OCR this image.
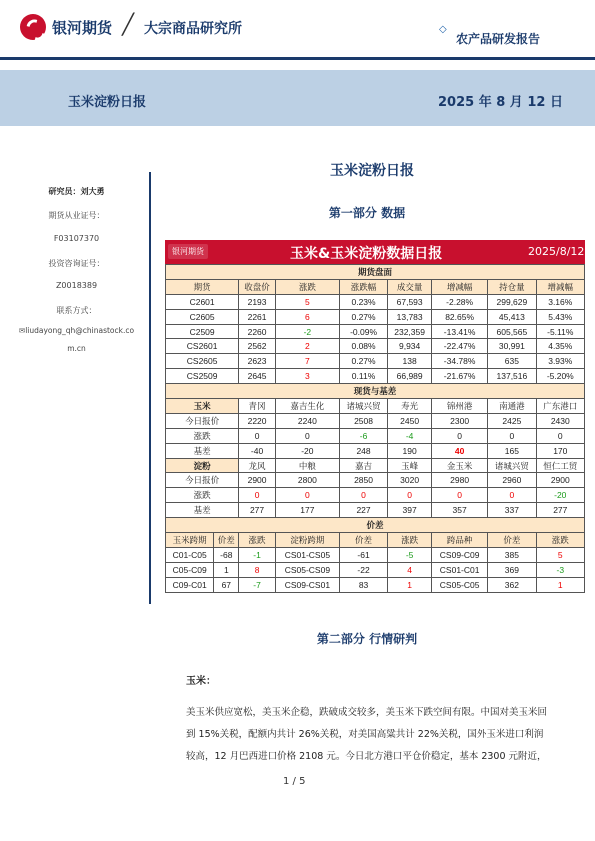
银河期货 ╱ 大宗商品研究所	◇
农产品研发报告
玉米淀粉日报	2025 年 8 月 12 日
研究员：刘大勇
期货从业证号：
F03107370
投资咨询证号：
Z0018389
联系方式：
✉liudayong_qh@chinastock.co
m.cn
玉米淀粉日报
第一部分 数据
银河期货	玉米&玉米淀粉数据日报	2025/8/12
期货盘面								
期货		收盘价	涨跌	涨跌幅	成交量	增减幅	持仓量	增减幅
C2601		2193	5	0.23%	67,593	-2.28%	299,629	3.16%
C2605		2261	6	0.27%	13,783	82.65%	45,413	5.43%
C2509		2260	-2	-0.09%	232,359	-13.41%	605,565	-5.11%
CS2601		2562	2	0.08%	9,934	-22.47%	30,991	4.35%
CS2605		2623	7	0.27%	138	-34.78%	635	3.93%
CS2509		2645	3	0.11%	66,989	-21.67%	137,516	-5.20%
现货与基差								
玉米		青冈	嘉吉生化	诸城兴贸	寿光	锦州港	南通港	广东港口
今日报价		2220	2240	2508	2450	2300	2425	2430
涨跌		0	0	-6	-4	0	0	0
基差		-40	-20	248	190	40	165	170
淀粉		龙风	中粮	嘉吉	玉峰	金玉米	诸城兴贸	恒仁工贸
今日报价		2900	2800	2850	3020	2980	2960	2900
涨跌		0	0	0	0	0	0	-20
基差		277	177	227	397	357	337	277
价差								
玉米跨期	价差	涨跌	淀粉跨期	价差	涨跌	跨品种	价差	涨跌
C01-C05	-68	-1	CS01-CS05	-61	-5	CS09-C09	385	5
C05-C09	1	8	CS05-CS09	-22	4	CS01-C01	369	-3
C09-C01	67	-7	CS09-CS01	83	1	CS05-C05	362	1
第二部分 行情研判
玉米：
美玉米供应宽松，美玉米企稳，跌破成交较多，美玉米下跌空间有限。中国对美玉米回到 15%关税，配额内共计 26%关税，对美国高粱共计 22%关税，国外玉米进口利润较高，12 月巴西进口价格 2108 元。今日北方港口平仓价稳定，基本 2300 元附近，
1 / 5
